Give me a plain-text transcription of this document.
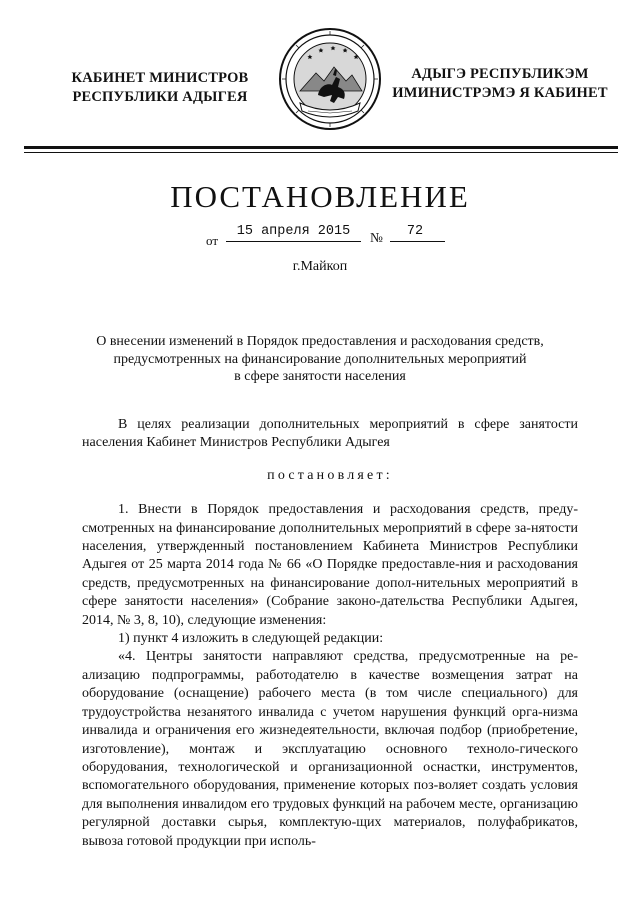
КАБИНЕТ МИНИСТРОВ
РЕСПУБЛИКИ АДЫГЕЯ
АДЫГЭ РЕСПУБЛИКЭМ
ИМИНИСТРЭМЭ Я КАБИНЕТ
ПОСТАНОВЛЕНИЕ
от
15 апреля 2015	№	72
г.Майкоп
О внесении изменений в Порядок предоставления и расходования средств,
предусмотренных на финансирование дополнительных мероприятий
в сфере занятости населения

В целях реализации дополнительных мероприятий в сфере занятости населения Кабинет Министров Республики Адыгея

постановляет:

1. Внести в Порядок предоставления и расходования средств, преду-смотренных на финансирование дополнительных мероприятий в сфере за-нятости населения, утвержденный постановлением Кабинета Министров Республики Адыгея от 25 марта 2014 года № 66 «О Порядке предоставле-ния и расходования средств, предусмотренных на финансирование допол-нительных мероприятий в сфере занятости населения» (Собрание законо-дательства Республики Адыгея, 2014, № 3, 8, 10), следующие изменения:

1) пункт 4 изложить в следующей редакции:

«4. Центры занятости направляют средства, предусмотренные на ре-ализацию подпрограммы, работодателю в качестве возмещения затрат на оборудование (оснащение) рабочего места (в том числе специального) для трудоустройства незанятого инвалида с учетом нарушения функций орга-низма инвалида и ограничения его жизнедеятельности, включая подбор (приобретение, изготовление), монтаж и эксплуатацию основного техноло-гического оборудования, технологической и организационной оснастки, инструментов, вспомогательного оборудования, применение которых поз-воляет создать условия для выполнения инвалидом его трудовых функций на рабочем месте, организацию регулярной доставки сырья, комплектую-щих материалов, полуфабрикатов, вывоза готовой продукции при исполь-
